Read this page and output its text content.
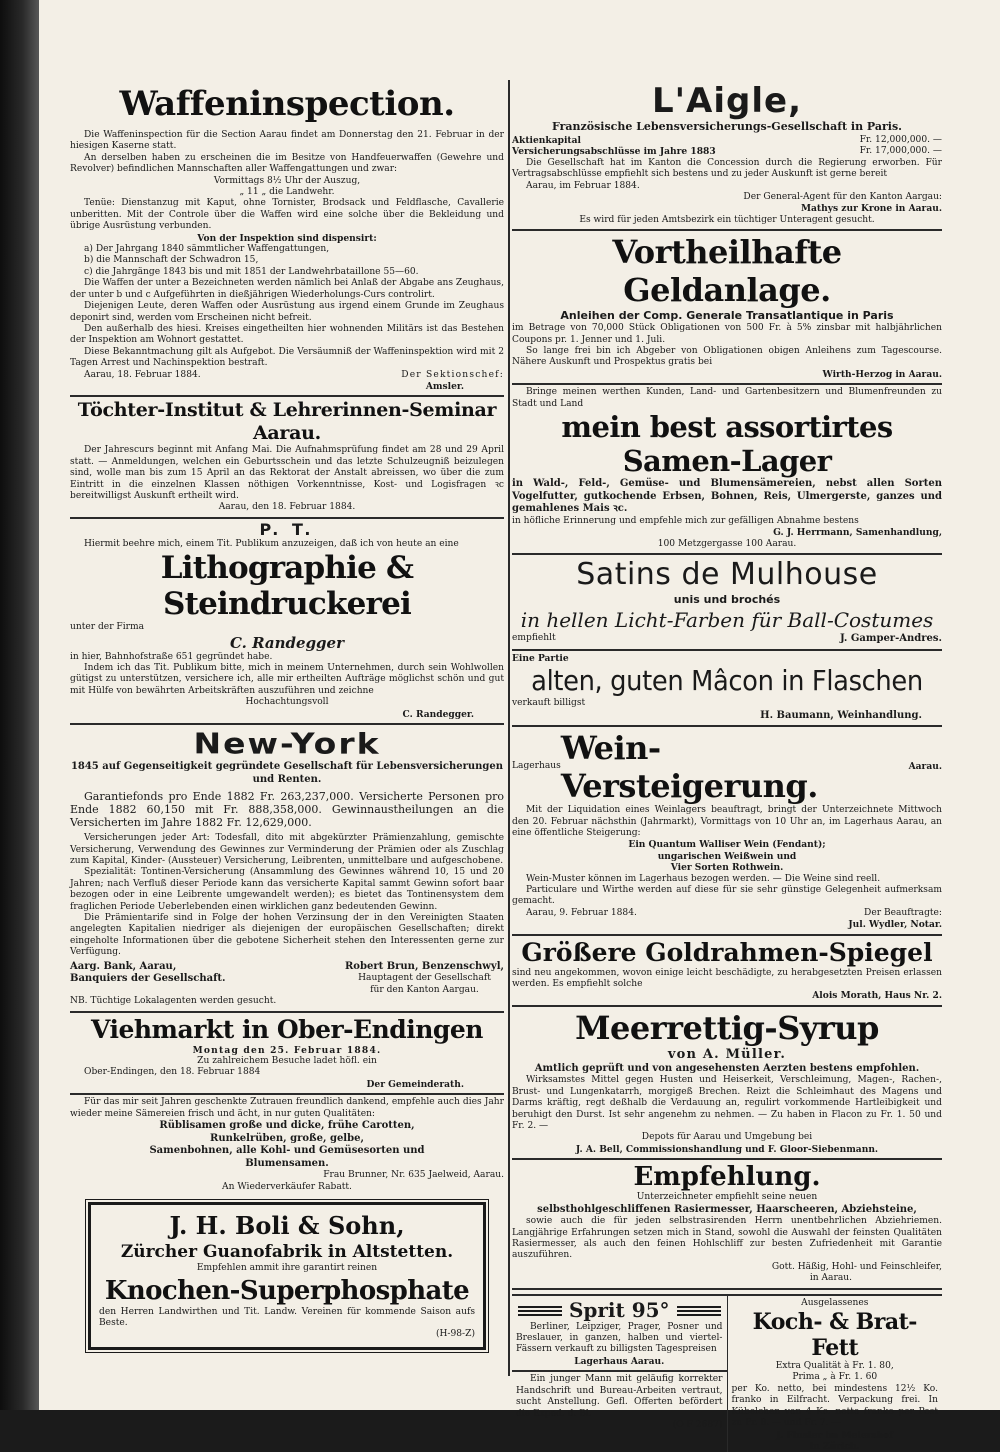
Waffeninspection.
Die Waffeninspection für die Section Aarau findet am Donnerstag den 21. Februar in der hiesigen Kaserne statt.
An derselben haben zu erscheinen die im Besitze von Handfeuerwaffen (Gewehre und Revolver) befindlichen Mannschaften aller Waffengattungen und zwar:
Vormittags 8½ Uhr der Auszug,
„ 11 „ die Landwehr.
Tenüe: Dienstanzug mit Kaput, ohne Tornister, Brodsack und Feldflasche, Cavallerie unberitten. Mit der Controle über die Waffen wird eine solche über die Bekleidung und übrige Ausrüstung verbunden.
Von der Inspektion sind dispensirt:
a) Der Jahrgang 1840 sämmtlicher Waffengattungen,
b) die Mannschaft der Schwadron 15,
c) die Jahrgänge 1843 bis und mit 1851 der Landwehrbataillone 55—60.
Die Waffen der unter a Bezeichneten werden nämlich bei Anlaß der Abgabe ans Zeughaus, der unter b und c Aufgeführten in dießjährigen Wiederholungs-Curs controlirt.
Diejenigen Leute, deren Waffen oder Ausrüstung aus irgend einem Grunde im Zeughaus deponirt sind, werden vom Erscheinen nicht befreit.
Den außerhalb des hiesi. Kreises eingetheilten hier wohnenden Militärs ist das Bestehen der Inspektion am Wohnort gestattet.
Diese Bekanntmachung gilt als Aufgebot. Die Versäumniß der Waffeninspektion wird mit 2 Tagen Arrest und Nachinspektion bestraft.
Aarau, 18. Februar 1884.	Der Sektionschef:
Amsler.
Töchter-Institut & Lehrerinnen-Seminar Aarau.
Der Jahrescurs beginnt mit Anfang Mai. Die Aufnahmsprüfung findet am 28 und 29 April statt. — Anmeldungen, welchen ein Geburtsschein und das letzte Schulzeugniß beizulegen sind, wolle man bis zum 15 April an das Rektorat der Anstalt abreissen, wo über die zum Eintritt in die einzelnen Klassen nöthigen Vorkenntnisse, Kost- und Logisfragen ꝛc bereitwilligst Auskunft ertheilt wird.
Aarau, den 18. Februar 1884.
P. T.
Hiermit beehre mich, einem Tit. Publikum anzuzeigen, daß ich von heute an eine
Lithographie & Steindruckerei
unter der Firma
C. Randegger
in hier, Bahnhofstraße 651 gegründet habe.
Indem ich das Tit. Publikum bitte, mich in meinem Unternehmen, durch sein Wohlwollen gütigst zu unterstützen, versichere ich, alle mir ertheilten Aufträge möglichst schön und gut mit Hülfe von bewährten Arbeitskräften auszuführen und zeichne
Hochachtungsvoll
C. Randegger.
New-York
1845 auf Gegenseitigkeit gegründete Gesellschaft für Lebensversicherungen und Renten.
Garantiefonds pro Ende 1882 Fr. 263,237,000. Versicherte Personen pro Ende 1882 60,150 mit Fr. 888,358,000. Gewinnaustheilungen an die Versicherten im Jahre 1882 Fr. 12,629,000.
Versicherungen jeder Art: Todesfall, dito mit abgekürzter Prämienzahlung, gemischte Versicherung, Verwendung des Gewinnes zur Verminderung der Prämien oder als Zuschlag zum Kapital, Kinder- (Aussteuer) Versicherung, Leibrenten, unmittelbare und aufgeschobene.
Spezialität: Tontinen-Versicherung (Ansammlung des Gewinnes während 10, 15 und 20 Jahren; nach Verfluß dieser Periode kann das versicherte Kapital sammt Gewinn sofort baar bezogen oder in eine Leibrente umgewandelt werden); es bietet das Tontinensystem dem fraglichen Periode Ueberlebenden einen wirklichen ganz bedeutenden Gewinn.
Die Prämientarife sind in Folge der hohen Verzinsung der in den Vereinigten Staaten angelegten Kapitalien niedriger als diejenigen der europäischen Gesellschaften; direkt eingeholte Informationen über die gebotene Sicherheit stehen den Interessenten gerne zur Verfügung.
Aarg. Bank, Aarau,
Banquiers der Gesellschaft.
Robert Brun, Benzenschwyl,
Hauptagent der Gesellschaft
für den Kanton Aargau.
NB. Tüchtige Lokalagenten werden gesucht.
Viehmarkt in Ober-Endingen
Montag den 25. Februar 1884.
Zu zahlreichem Besuche ladet höfl. ein
Ober-Endingen, den 18. Februar 1884
Der Gemeinderath.
Für das mir seit Jahren geschenkte Zutrauen freundlich dankend, empfehle auch dies Jahr wieder meine Sämereien frisch und ächt, in nur guten Qualitäten:
Rüblisamen große und dicke, frühe Carotten,
Runkelrüben, große, gelbe,
Samenbohnen, alle Kohl- und Gemüsesorten und
Blumensamen.
Frau Brunner, Nr. 635 Jaelweid, Aarau.
An Wiederverkäufer Rabatt.
J. H. Boli & Sohn,
Zürcher Guanofabrik in Altstetten.
Empfehlen ammit ihre garantirt reinen
Knochen-Superphosphate
den Herren Landwirthen und Tit. Landw. Vereinen für kommende Saison aufs Beste.
(H-98-Z)
L'Aigle,
Französische Lebensversicherungs-Gesellschaft in Paris.
Aktienkapital	Fr. 12,000,000. —
Versicherungsabschlüsse im Jahre 1883	Fr. 17,000,000. —
Die Gesellschaft hat im Kanton die Concession durch die Regierung erworben. Für Vertragsabschlüsse empfiehlt sich bestens und zu jeder Auskunft ist gerne bereit
Aarau, im Februar 1884.
Der General-Agent für den Kanton Aargau:
Mathys zur Krone in Aarau.
Es wird für jeden Amtsbezirk ein tüchtiger Unteragent gesucht.
Vortheilhafte Geldanlage.
Anleihen der Comp. Generale Transatlantique in Paris
im Betrage von 70,000 Stück Obligationen von 500 Fr. à 5% zinsbar mit halbjährlichen Coupons pr. 1. Jenner und 1. Juli.
So lange frei bin ich Abgeber von Obligationen obigen Anleihens zum Tagescourse. Nähere Auskunft und Prospektus gratis bei
Wirth-Herzog in Aarau.
Bringe meinen werthen Kunden, Land- und Gartenbesitzern und Blumenfreunden zu Stadt und Land
mein best assortirtes Samen-Lager
in Wald-, Feld-, Gemüse- und Blumensämereien, nebst allen Sorten Vogelfutter, gutkochende Erbsen, Bohnen, Reis, Ulmergerste, ganzes und gemahlenes Mais ꝛc.
in höfliche Erinnerung und empfehle mich zur gefälligen Abnahme bestens
G. J. Herrmann, Samenhandlung,
100 Metzgergasse 100 Aarau.
Satins de Mulhouse
unis und brochés
in hellen Licht-Farben für Ball-Costumes
empfiehlt	J. Gamper-Andres.
Eine Partie
alten, guten Mâcon in Flaschen
verkauft billigst
H. Baumann, Weinhandlung.
Lagerhaus Wein-Versteigerung.
Aarau.
Mit der Liquidation eines Weinlagers beauftragt, bringt der Unterzeichnete Mittwoch den 20. Februar nächsthin (Jahrmarkt), Vormittags von 10 Uhr an, im Lagerhaus Aarau, an eine öffentliche Steigerung:
Ein Quantum Walliser Wein (Fendant);
ungarischen Weißwein und
Vier Sorten Rothwein.
Wein-Muster können im Lagerhaus bezogen werden. — Die Weine sind reell.
Particulare und Wirthe werden auf diese für sie sehr günstige Gelegenheit aufmerksam gemacht.
Aarau, 9. Februar 1884.	Der Beauftragte:
Jul. Wydler, Notar.
Größere Goldrahmen-Spiegel
sind neu angekommen, wovon einige leicht beschädigte, zu herabgesetzten Preisen erlassen werden. Es empfiehlt solche
Alois Morath, Haus Nr. 2.
Meerrettig-Syrup
von A. Müller.
Amtlich geprüft und von angesehensten Aerzten bestens empfohlen.
Wirksamstes Mittel gegen Husten und Heiserkeit, Verschleimung, Magen-, Rachen-, Brust- und Lungenkatarrh, morgigeß Brechen. Reizt die Schleimhaut des Magens und Darms kräftig, regt deßhalb die Verdauung an, regulirt vorkommende Hartleibigkeit und beruhigt den Durst. Ist sehr angenehm zu nehmen. — Zu haben in Flacon zu Fr. 1. 50 und Fr. 2. —
Depots für Aarau und Umgebung bei
J. A. Bell, Commissionshandlung und F. Gloor-Siebenmann.
Empfehlung.
Unterzeichneter empfiehlt seine neuen
selbsthohlgeschliffenen Rasiermesser, Haarscheeren, Abziehsteine,
sowie auch die für jeden selbstrasirenden Herrn unentbehrlichen Abziehriemen. Langjährige Erfahrungen setzen mich in Stand, sowohl die Auswahl der feinsten Qualitäten Rasiermesser, als auch den feinen Hohlschliff zur besten Zufriedenheit mit Garantie auszuführen.
Gott. Häßig, Hohl- und Feinschleifer,
in Aarau.
Sprit 95°
Berliner, Leipziger, Prager, Posner und Breslauer, in ganzen, halben und viertel-Fässern verkauft zu billigsten Tagespreisen
Lagerhaus Aarau.
Ein junger Mann mit geläufig korrekter Handschrift und Bureau-Arbeiten vertraut, sucht Anstellung. Gefl. Offerten befördert die Exped. d. Bl.
(O F 2687)
Ausgelassenes
Koch- & Brat-Fett
Extra Qualität à Fr. 1. 80,
Prima „ à Fr. 1. 60
per Ko. netto, bei mindestens 12½ Ko. franko in Eilfracht. Verpackung frei. In Kübelchen von 4 Ko. netto franko per Post zu Fr. 8. — und Fr. 7. —
J. Finsler im Meiershof
in Zürich.
